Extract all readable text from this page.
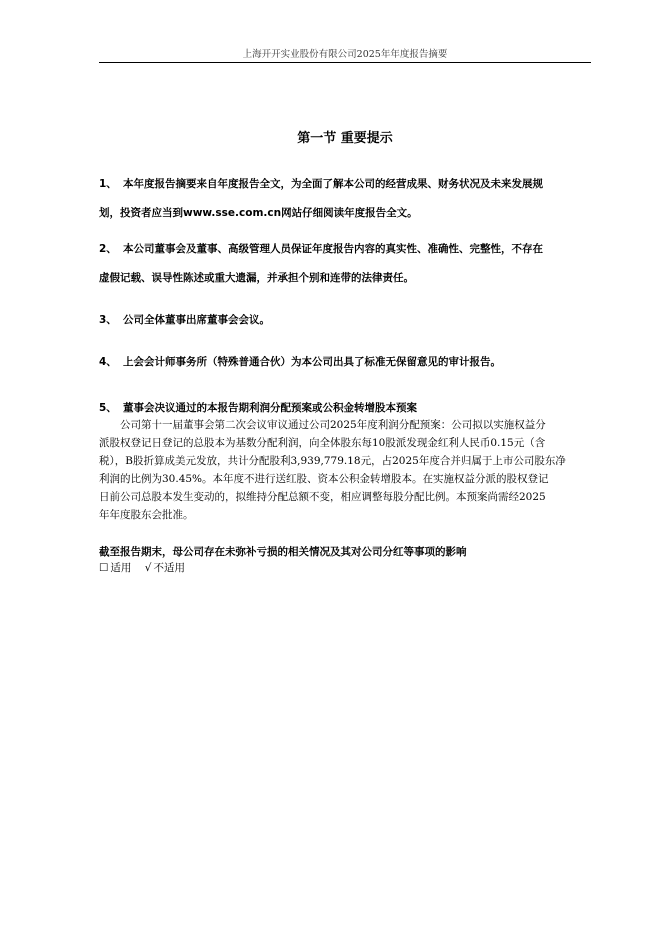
上海开开实业股份有限公司2025年年度报告摘要
第一节 重要提示
1、 本年度报告摘要来自年度报告全文，为全面了解本公司的经营成果、财务状况及未来发展规
划，投资者应当到www.sse.com.cn网站仔细阅读年度报告全文。
2、 本公司董事会及董事、高级管理人员保证年度报告内容的真实性、准确性、完整性，不存在
虚假记载、误导性陈述或重大遗漏，并承担个别和连带的法律责任。
3、 公司全体董事出席董事会会议。
4、 上会会计师事务所（特殊普通合伙）为本公司出具了标准无保留意见的审计报告。
5、 董事会决议通过的本报告期利润分配预案或公积金转增股本预案
公司第十一届董事会第二次会议审议通过公司2025年度利润分配预案：公司拟以实施权益分
派股权登记日登记的总股本为基数分配利润，向全体股东每10股派发现金红利人民币0.15元（含
税），B股折算成美元发放，共计分配股利3,939,779.18元，占2025年度合并归属于上市公司股东净
利润的比例为30.45%。本年度不进行送红股、资本公积金转增股本。在实施权益分派的股权登记
日前公司总股本发生变动的，拟维持分配总额不变，相应调整每股分配比例。本预案尚需经2025
年年度股东会批准。
截至报告期末，母公司存在未弥补亏损的相关情况及其对公司分红等事项的影响
☐ 适用 √ 不适用
